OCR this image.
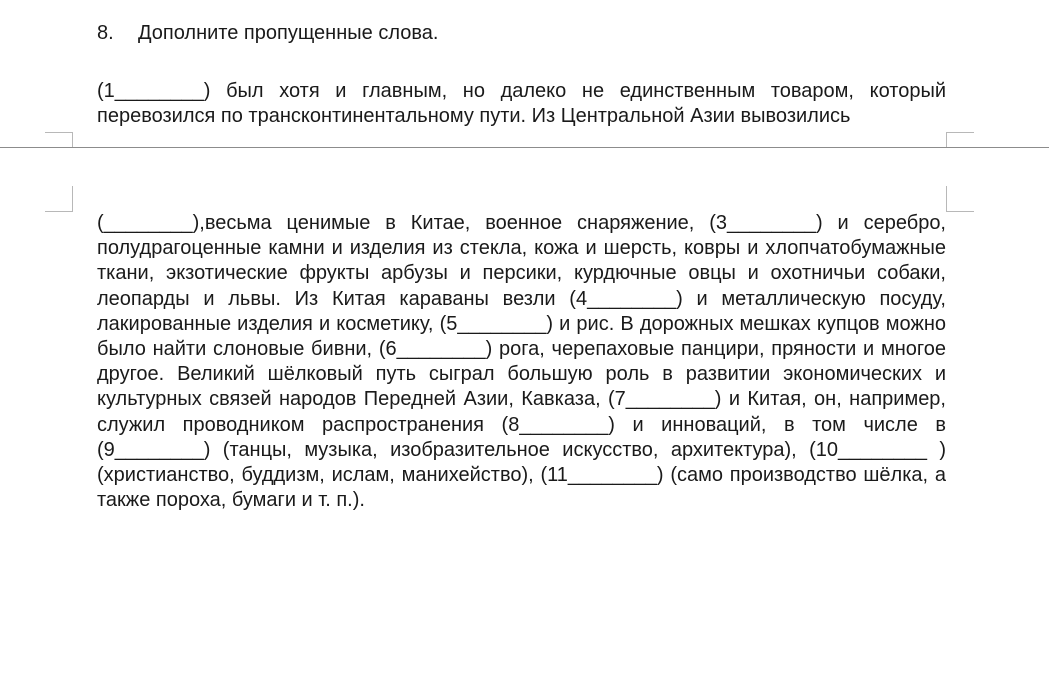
8. Дополните пропущенные слова.
(1________) был хотя и главным, но далеко не единственным товаром, который перевозился по трансконтинентальному пути. Из Центральной Азии вывозились
(________),весьма ценимые в Китае, военное снаряжение, (3________) и серебро, полудрагоценные камни и изделия из стекла, кожа и шерсть, ковры и хлопчатобумажные ткани, экзотические фрукты арбузы и персики, курдючные овцы и охотничьи собаки, леопарды и львы. Из Китая караваны везли (4________) и металлическую посуду, лакированные изделия и косметику, (5________) и рис. В дорожных мешках купцов можно было найти слоновые бивни, (6________) рога, черепаховые панцири, пряности и многое другое. Великий шёлковый путь сыграл большую роль в развитии экономических и культурных связей народов Передней Азии, Кавказа, (7________) и Китая, он, например, служил проводником распространения (8________) и инноваций, в том числе в (9________) (танцы, музыка, изобразительное искусство, архитектура), (10________ ) (христианство, буддизм, ислам, манихейство), (11________) (само производство шёлка, а также пороха, бумаги и т. п.).
